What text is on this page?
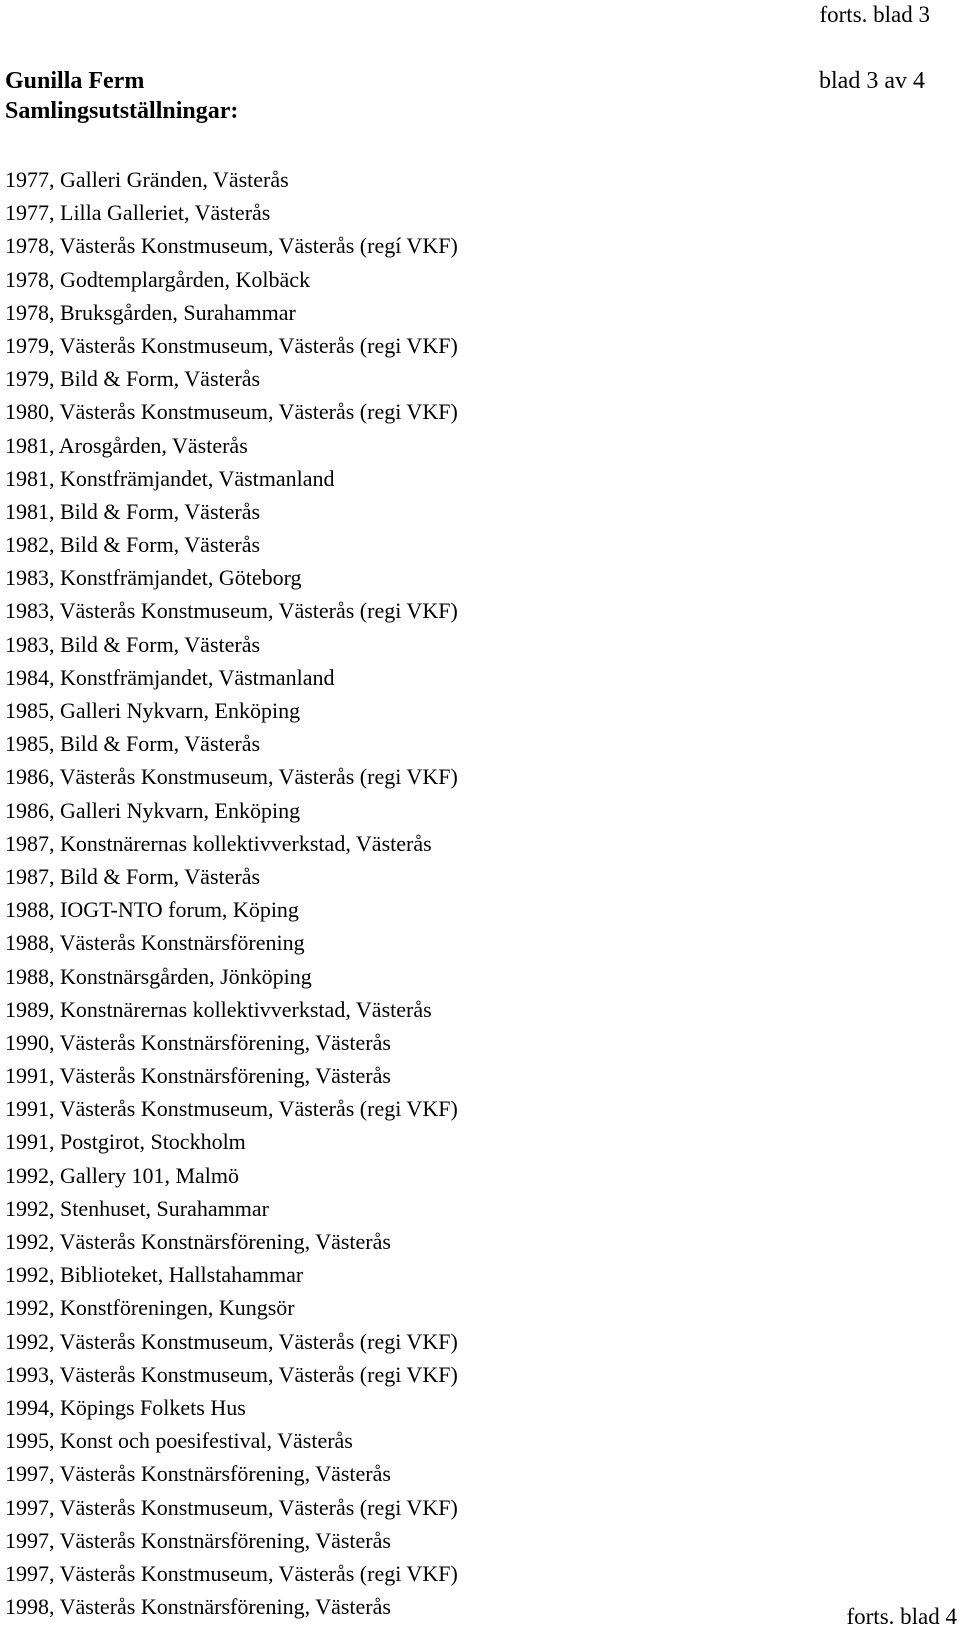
forts. blad 3
Gunilla Ferm	blad 3 av 4
Samlingsutställningar:
1977, Galleri Gränden, Västerås
1977, Lilla Galleriet, Västerås
1978, Västerås Konstmuseum, Västerås (regí VKF)
1978, Godtemplargården, Kolbäck
1978, Bruksgården, Surahammar
1979, Västerås Konstmuseum, Västerås (regi VKF)
1979, Bild & Form, Västerås
1980, Västerås Konstmuseum, Västerås (regi VKF)
1981, Arosgården, Västerås
1981, Konstfrämjandet, Västmanland
1981, Bild & Form, Västerås
1982, Bild & Form, Västerås
1983, Konstfrämjandet, Göteborg
1983, Västerås Konstmuseum, Västerås (regi VKF)
1983, Bild & Form, Västerås
1984, Konstfrämjandet, Västmanland
1985, Galleri Nykvarn, Enköping
1985, Bild & Form, Västerås
1986, Västerås Konstmuseum, Västerås (regi VKF)
1986, Galleri Nykvarn, Enköping
1987, Konstnärernas kollektivverkstad, Västerås
1987, Bild & Form, Västerås
1988, IOGT-NTO forum, Köping
1988, Västerås Konstnärsförening
1988, Konstnärsgården, Jönköping
1989, Konstnärernas kollektivverkstad, Västerås
1990, Västerås Konstnärsförening, Västerås
1991, Västerås Konstnärsförening, Västerås
1991, Västerås Konstmuseum, Västerås (regi VKF)
1991, Postgirot, Stockholm
1992, Gallery 101, Malmö
1992, Stenhuset, Surahammar
1992, Västerås Konstnärsförening, Västerås
1992, Biblioteket, Hallstahammar
1992, Konstföreningen, Kungsör
1992, Västerås Konstmuseum, Västerås (regi VKF)
1993, Västerås Konstmuseum, Västerås (regi VKF)
1994, Köpings Folkets Hus
1995, Konst och poesifestival, Västerås
1997, Västerås Konstnärsförening, Västerås
1997, Västerås Konstmuseum, Västerås (regi VKF)
1997, Västerås Konstnärsförening, Västerås
1997, Västerås Konstmuseum, Västerås (regi VKF)
1998, Västerås Konstnärsförening, Västerås	forts. blad 4
